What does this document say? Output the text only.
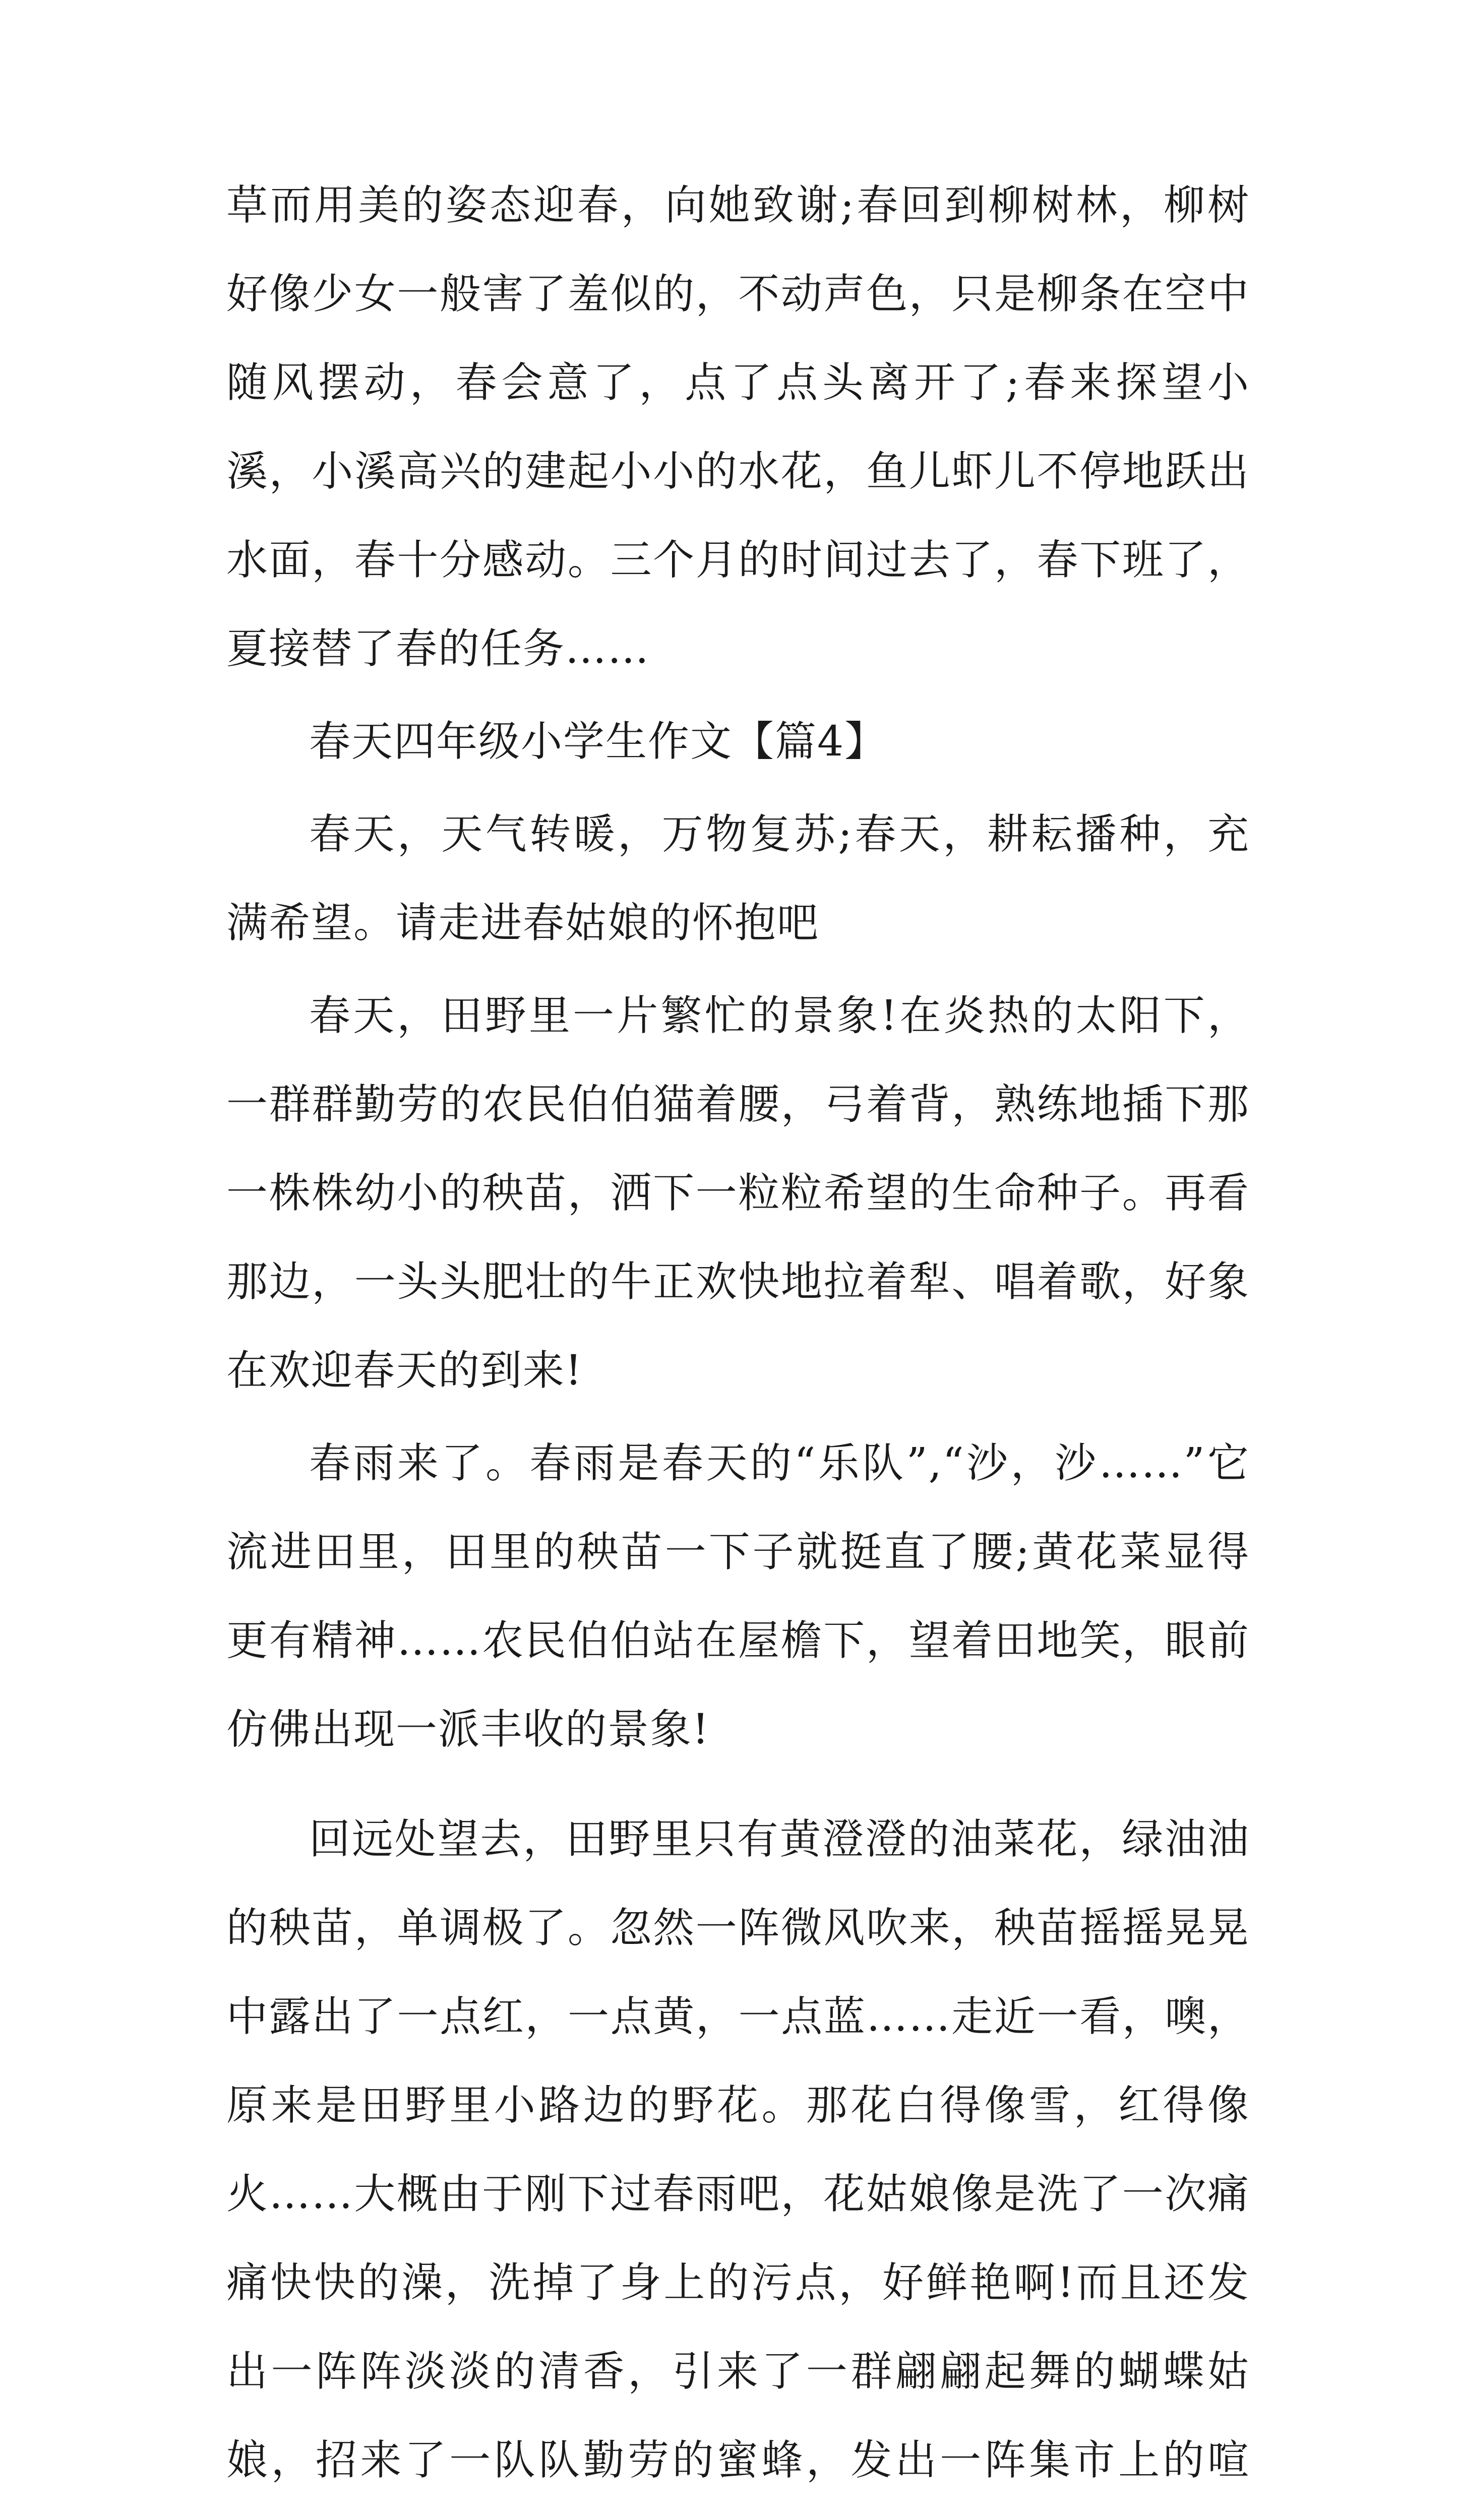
草而用美的姿态迎春，向她致谢;春回到柳树林，柳树好像少女一般害了羞似的，不动声色，只是柳条在空中随风摆动，春会意了，点了点头离开了;春来探望小溪，小溪高兴的建起小小的水花，鱼儿虾儿不停地跃出水面，春十分感动。三个月的时间过去了，春下班了，夏接替了春的任务……

春天四年级小学生作文【篇4】

春天，天气转暖，万物复苏;春天，耕耘播种，充满希望。请走进春姑娘的怀抱吧

春天，田野里一片繁忙的景象!在炎热的太阳下，一群群勤劳的农民伯伯猫着腰，弓着背，熟练地插下那一株株幼小的秧苗，洒下一粒粒希望的生命种子。再看那边，一头头肥壮的牛正欢快地拉着犁、唱着歌，好象在欢迎春天的到来!

春雨来了。春雨是春天的“乐队”,“沙，沙……”它流进田里，田里的秧苗一下子就挺直了腰;黄花菜显得更有精神……农民伯伯站在屋檐下，望着田地笑，眼前仿佛出现一派丰收的景象!

回远处望去，田野里只有黄澄澄的油菜花，绿油油的秧苗，单调极了。忽然一阵微风吹来，秧苗摇摇晃晃中露出了一点红，一点黄，一点蓝……走近一看，噢，原来是田野里小路边的野花。那花白得像雪，红得像火……大概由于刚下过春雨吧，花姑娘像是洗了一次痛痛快快的澡，洗掉了身上的污点，好鲜艳啊!而且还发出一阵阵淡淡的清香，引来了一群翩翩起舞的蝴蝶姑娘，招来了一队队勤劳的蜜蜂，发出一阵集市上的喧
